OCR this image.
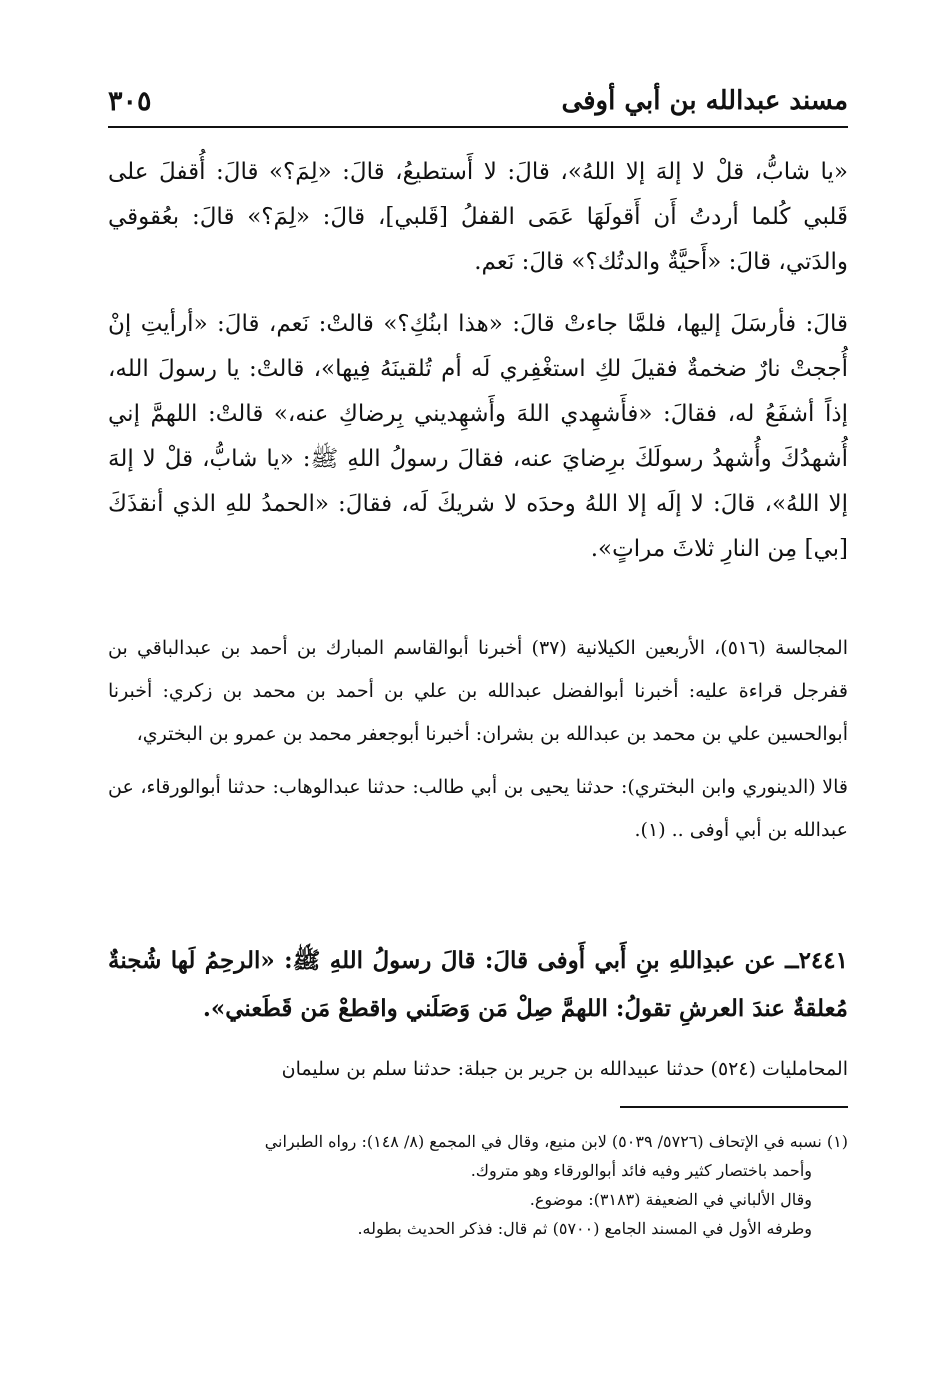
مسند عبدالله بن أبي أوفى
٣٠٥

«يا شابُّ، قلْ لا إلهَ إلا اللهُ»، قالَ: لا أَستطيعُ، قالَ: «لِمَ؟» قالَ: أُقفلَ على قَلبي كُلما أردتُ أَن أَقولَهَا عَمَى القفلُ [قَلبي]، قالَ: «لِمَ؟» قالَ: بعُقوقي والدَتي، قالَ: «أَحيَّةٌ والدتُك؟» قالَ: نَعم.

قالَ: فأرسَلَ إليها، فلمَّا جاءتْ قالَ: «هذا ابنُكِ؟» قالتْ: نَعم، قالَ: «أرأيتِ إنْ أُججتْ نارٌ ضخمةٌ فقيلَ لكِ استغْفِري لَه أم تُلقينَهُ فِيها»، قالتْ: يا رسولَ الله، إذاً أشفَعُ له، فقالَ: «فأَشهِدي اللهَ وأَشهِديني بِرضاكِ عنه،» قالتْ: اللهمَّ إني أُشهدُكَ وأُشهدُ رسولَكَ برِضايَ عنه، فقالَ رسولُ اللهِ ﷺ: «يا شابُّ، قلْ لا إلهَ إلا اللهُ»، قالَ: لا إلَه إلا اللهُ وحدَه لا شريكَ لَه، فقالَ: «الحمدُ للهِ الذي أنقذَكَ [بي] مِن النارِ ثلاثَ مراتٍ».

المجالسة (٥١٦)، الأربعين الكيلانية (٣٧) أخبرنا أبوالقاسم المبارك بن أحمد بن عبدالباقي بن قفرجل قراءة عليه: أخبرنا أبوالفضل عبدالله بن علي بن أحمد بن محمد بن زكري: أخبرنا أبوالحسين علي بن محمد بن عبدالله بن بشران: أخبرنا أبوجعفر محمد بن عمرو بن البختري،

قالا (الدينوري وابن البختري): حدثنا يحيى بن أبي طالب: حدثنا عبدالوهاب: حدثنا أبوالورقاء، عن عبدالله بن أبي أوفى .. (١).

٢٤٤١ــ عن عبدِاللهِ بنِ أَبي أَوفى قالَ: قالَ رسولُ اللهِ ﷺ: «الرحِمُ لَها شُجنةٌ مُعلقةٌ عندَ العرشِ تقولُ: اللهمَّ صِلْ مَن وَصَلَني واقطعْ مَن قَطَعني».

المحامليات (٥٢٤) حدثنا عبيدالله بن جرير بن جبلة: حدثنا سلم بن سليمان

(١) نسبه في الإتحاف (٥٧٢٦/ ٥٠٣٩) لابن منيع، وقال في المجمع (٨/ ١٤٨): رواه الطبراني

وأحمد باختصار كثير وفيه فائد أبوالورقاء وهو متروك.

وقال الألباني في الضعيفة (٣١٨٣): موضوع.

وطرفه الأول في المسند الجامع (٥٧٠٠) ثم قال: فذكر الحديث بطوله.
